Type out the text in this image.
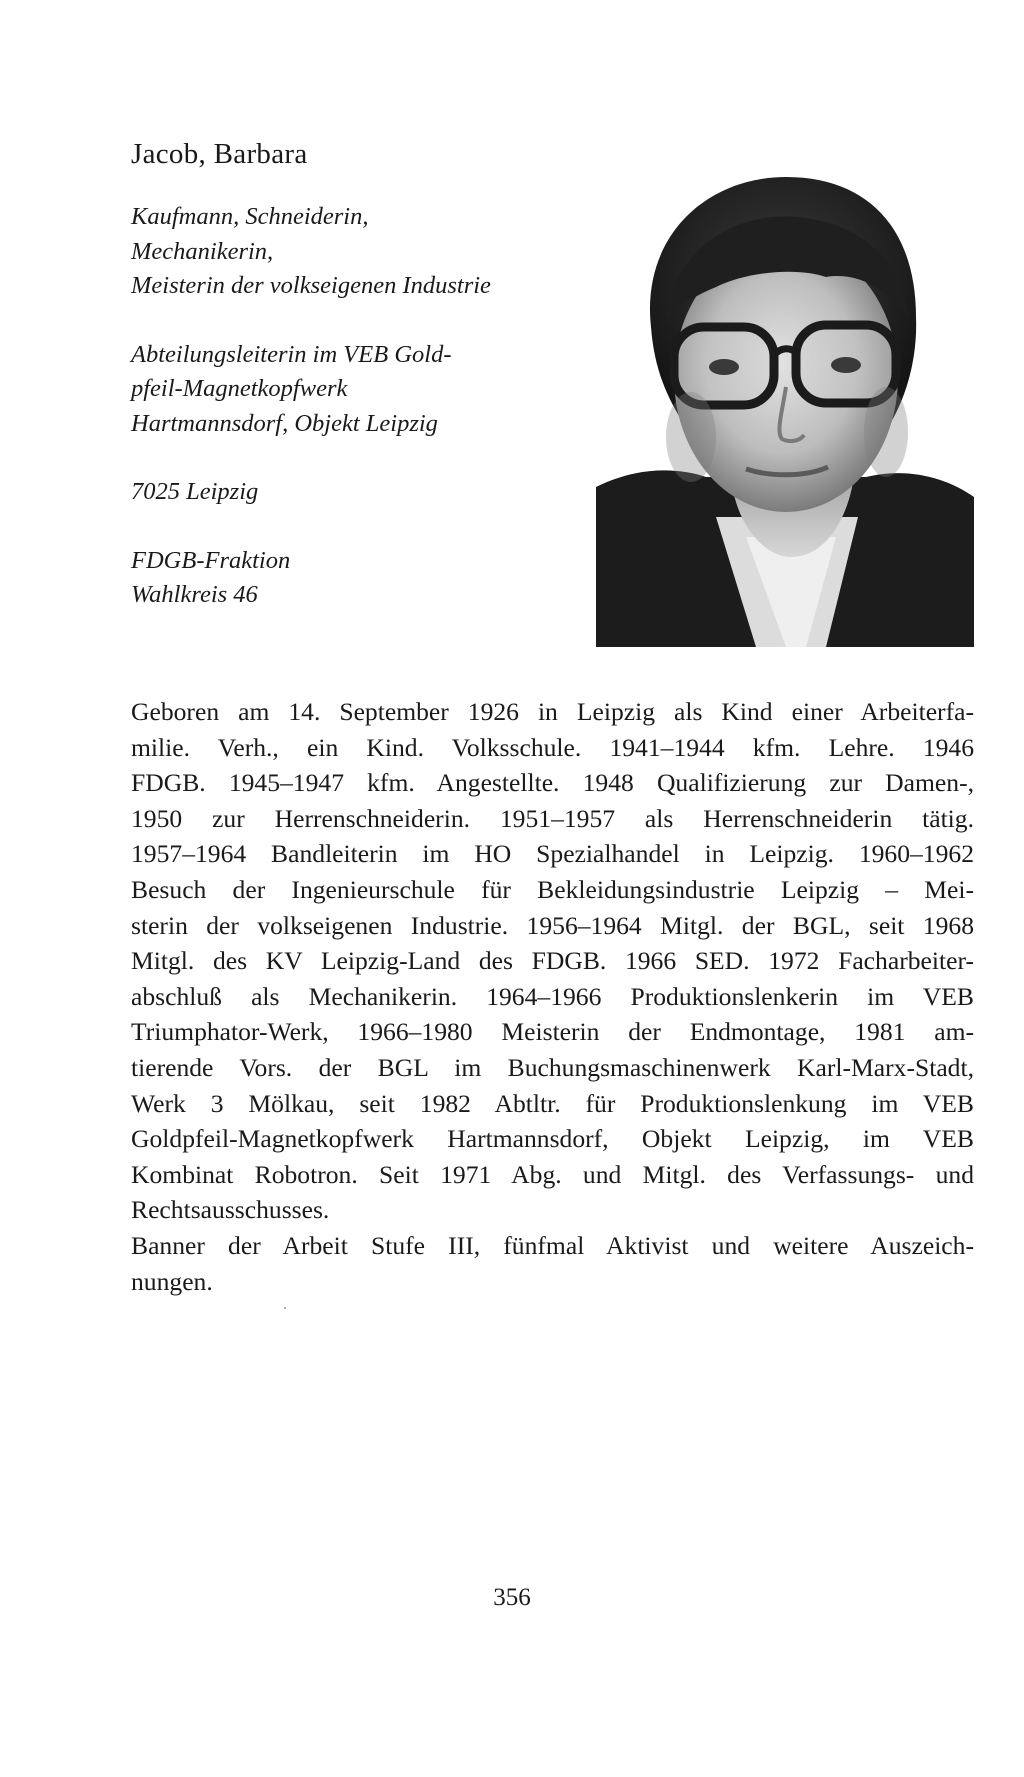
Jacob, Barbara
Kaufmann, Schneiderin,
Mechanikerin,
Meisterin der volkseigenen Industrie
Abteilungsleiterin im VEB Gold-
pfeil-Magnetkopfwerk
Hartmannsdorf, Objekt Leipzig
7025 Leipzig
FDGB-Fraktion
Wahlkreis 46
Geboren am 14. September 1926 in Leipzig als Kind einer Arbeiterfa-
milie. Verh., ein Kind. Volksschule. 1941–1944 kfm. Lehre. 1946
FDGB. 1945–1947 kfm. Angestellte. 1948 Qualifizierung zur Damen-,
1950 zur Herrenschneiderin. 1951–1957 als Herrenschneiderin tätig.
1957–1964 Bandleiterin im HO Spezialhandel in Leipzig. 1960–1962
Besuch der Ingenieurschule für Bekleidungsindustrie Leipzig – Mei-
sterin der volkseigenen Industrie. 1956–1964 Mitgl. der BGL, seit 1968
Mitgl. des KV Leipzig-Land des FDGB. 1966 SED. 1972 Facharbeiter-
abschluß als Mechanikerin. 1964–1966 Produktionslenkerin im VEB
Triumphator-Werk, 1966–1980 Meisterin der Endmontage, 1981 am-
tierende Vors. der BGL im Buchungsmaschinenwerk Karl-Marx-Stadt,
Werk 3 Mölkau, seit 1982 Abtltr. für Produktionslenkung im VEB
Goldpfeil-Magnetkopfwerk Hartmannsdorf, Objekt Leipzig, im VEB
Kombinat Robotron. Seit 1971 Abg. und Mitgl. des Verfassungs- und
Rechtsausschusses.
Banner der Arbeit Stufe III, fünfmal Aktivist und weitere Auszeich-
nungen.
356
